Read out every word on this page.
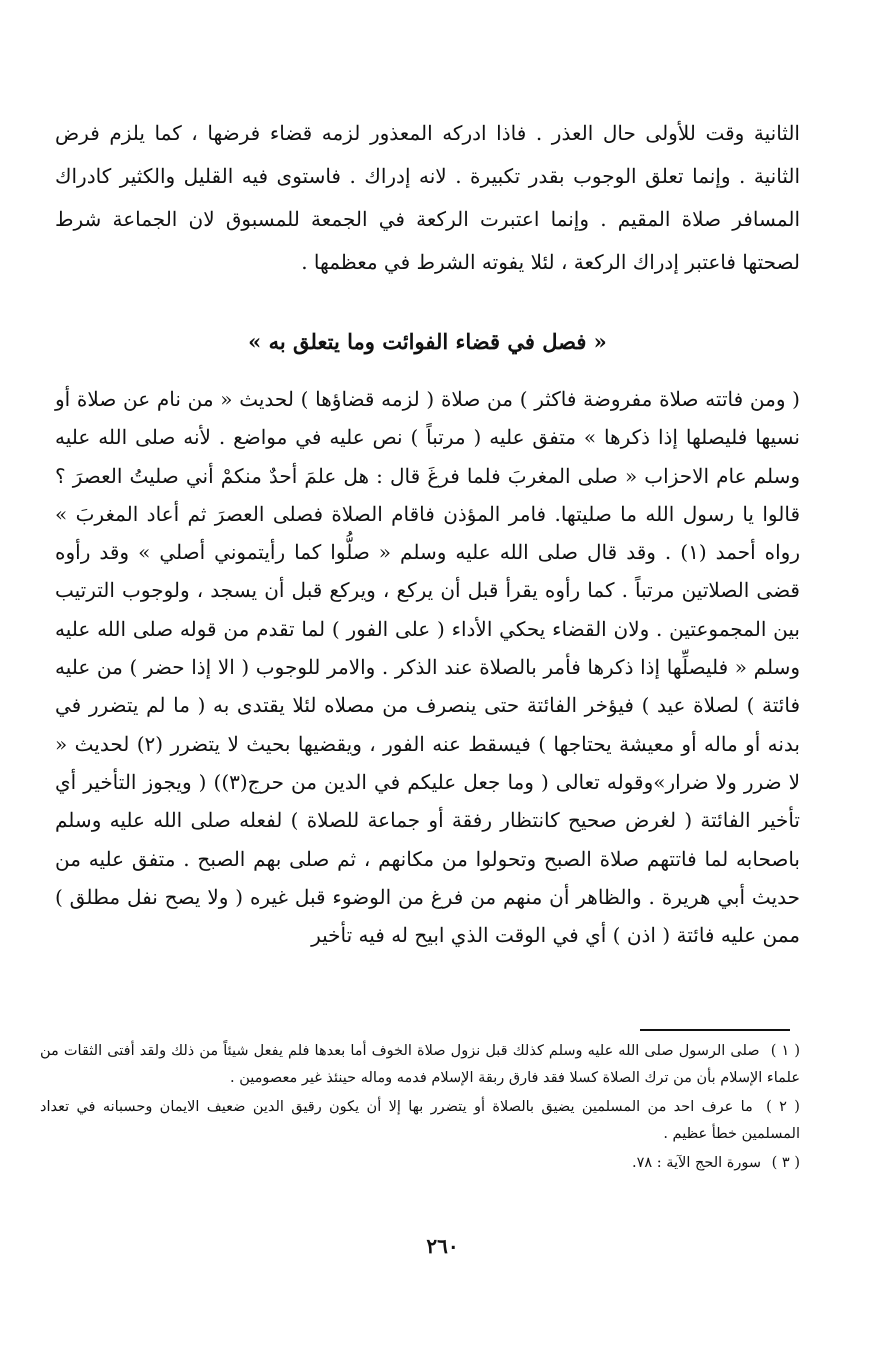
الثانية وقت للأولى حال العذر . فاذا ادركه المعذور لزمه قضاء فرضها ، كما يلزم فرض الثانية . وإنما تعلق الوجوب بقدر تكبيرة . لانه إدراك . فاستوى فيه القليل والكثير كادراك المسافر صلاة المقيم . وإنما اعتبرت الركعة في الجمعة للمسبوق لان الجماعة شرط لصحتها فاعتبر إدراك الركعة ، لئلا يفوته الشرط في معظمها .

« فصل في قضاء الفوائت وما يتعلق به »

( ومن فاتته صلاة مفروضة فاكثر ) من صلاة ( لزمه قضاؤها ) لحديث « من نام عن صلاة أو نسيها فليصلها إذا ذكرها » متفق عليه ( مرتباً ) نص عليه في مواضع . لأنه صلى الله عليه وسلم عام الاحزاب « صلى المغربَ فلما فرغَ قال : هل علمَ أحدٌ منكمْ أني صليتُ العصرَ ؟ قالوا يا رسول الله ما صليتها. فامر المؤذن فاقام الصلاة فصلى العصرَ ثم أعاد المغربَ » رواه أحمد (١) . وقد قال صلى الله عليه وسلم « صلُّوا كما رأيتموني أصلي » وقد رأوه قضى الصلاتين مرتباً . كما رأوه يقرأ قبل أن يركع ، ويركع قبل أن يسجد ، ولوجوب الترتيب بين المجموعتين . ولان القضاء يحكي الأداء ( على الفور ) لما تقدم من قوله صلى الله عليه وسلم « فليصلِّها إذا ذكرها فأمر بالصلاة عند الذكر . والامر للوجوب ( الا إذا حضر ) من عليه فائتة ) لصلاة عيد ) فيؤخر الفائتة حتى ينصرف من مصلاه لئلا يقتدى به ( ما لم يتضرر في بدنه أو ماله أو معيشة يحتاجها ) فيسقط عنه الفور ، ويقضيها بحيث لا يتضرر (٢) لحديث « لا ضرر ولا ضرار»وقوله تعالى ( وما جعل عليكم في الدين من حرج(٣)) ( ويجوز التأخير أي تأخير الفائتة ( لغرض صحيح كانتظار رفقة أو جماعة للصلاة ) لفعله صلى الله عليه وسلم باصحابه لما فاتتهم صلاة الصبح وتحولوا من مكانهم ، ثم صلى بهم الصبح . متفق عليه من حديث أبي هريرة . والظاهر أن منهم من فرغ من الوضوء قبل غيره ( ولا يصح نفل مطلق ) ممن عليه فائتة ( اذن ) أي في الوقت الذي ابيح له فيه تأخير

( ١ ) صلى الرسول صلى الله عليه وسلم كذلك قبل نزول صلاة الخوف أما بعدها فلم يفعل شيئاً من ذلك ولقد أفتى الثقات من علماء الإسلام بأن من ترك الصلاة كسلا فقد فارق ربقة الإسلام فدمه وماله حينئذ غير معصومين .

( ٢ ) ما عرف احد من المسلمين يضيق بالصلاة أو يتضرر بها إلا أن يكون رقيق الدين ضعيف الايمان وحسبانه في تعداد المسلمين خطأ عظيم .

( ٣ ) سورة الحج الآية : ٧٨.

٢٦٠
